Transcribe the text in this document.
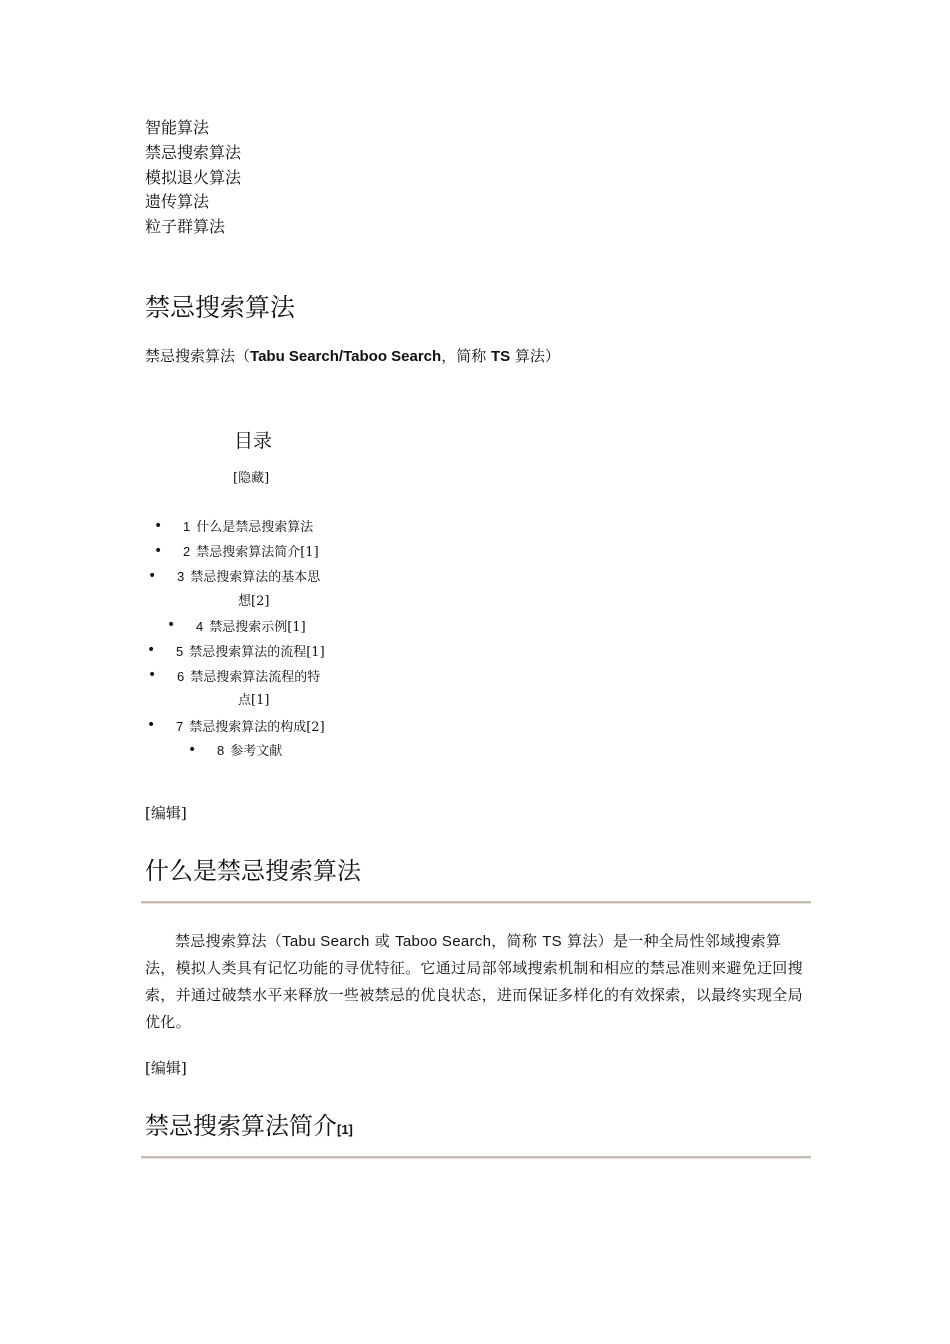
智能算法
禁忌搜索算法
模拟退火算法
遗传算法
粒子群算法
禁忌搜索算法
禁忌搜索算法（Tabu Search/Taboo Search，简称 TS 算法）
目录
[隐藏]
• 1 什么是禁忌搜索算法
• 2 禁忌搜索算法简介[1]
• 3 禁忌搜索算法的基本思
想[2]
• 4 禁忌搜索示例[1]
• 5 禁忌搜索算法的流程[1]
• 6 禁忌搜索算法流程的特
点[1]
• 7 禁忌搜索算法的构成[2]
• 8 参考文献
[编辑]
什么是禁忌搜索算法
禁忌搜索算法（Tabu Search 或 Taboo Search，简称 TS 算法）是一种全局性邻域搜索算法，模拟人类具有记忆功能的寻优特征。它通过局部邻域搜索机制和相应的禁忌准则来避免迂回搜索，并通过破禁水平来释放一些被禁忌的优良状态，进而保证多样化的有效探索，以最终实现全局优化。
[编辑]
禁忌搜索算法简介[1]
